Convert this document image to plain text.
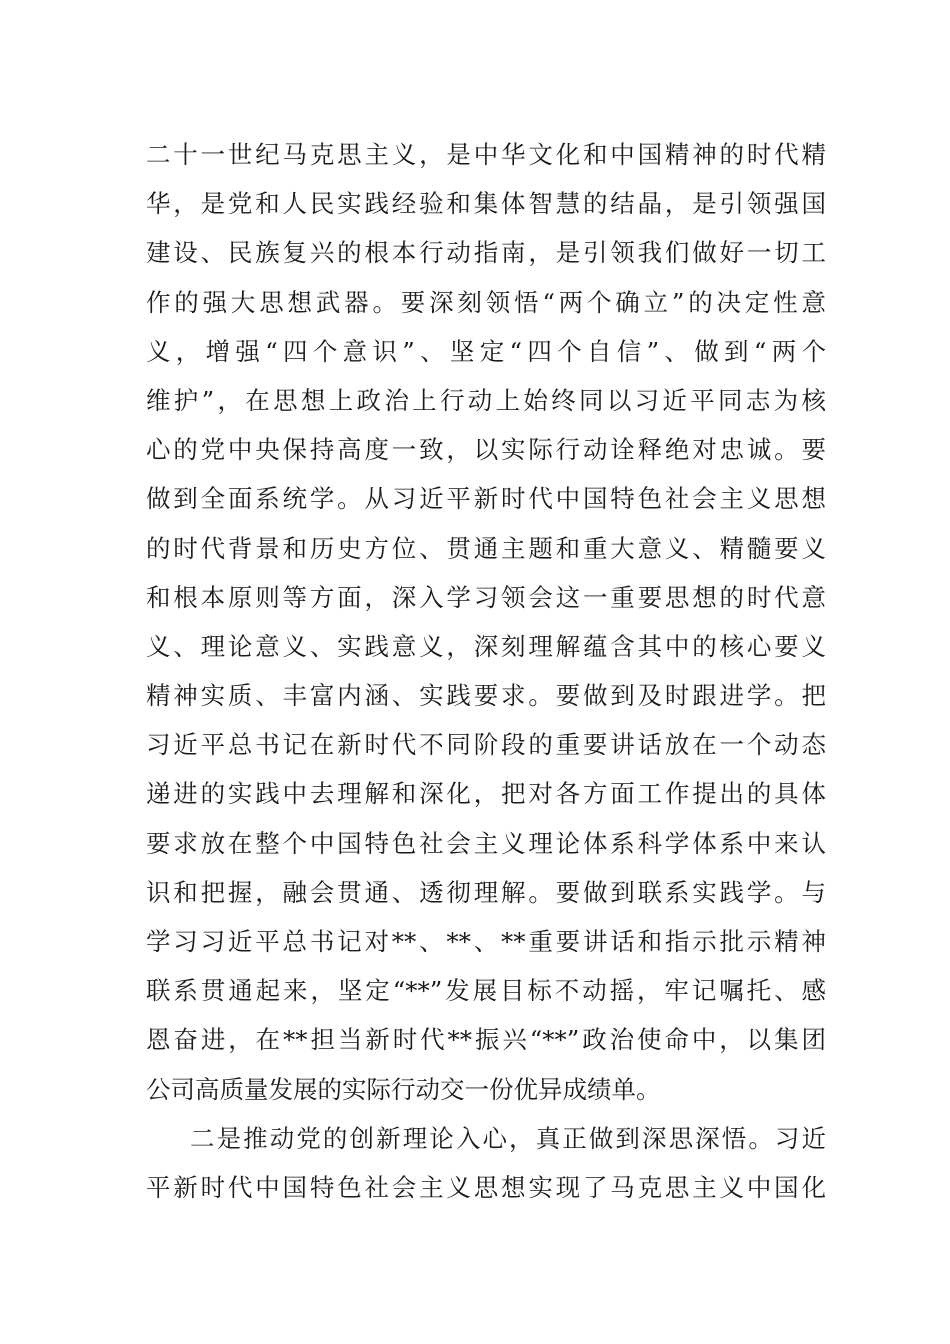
二十一世纪马克思主义，是中华文化和中国精神的时代精
华，是党和人民实践经验和集体智慧的结晶，是引领强国
建设、民族复兴的根本行动指南，是引领我们做好一切工
作的强大思想武器。要深刻领悟“两个确立”的决定性意
义，增强“四个意识”、坚定“四个自信”、做到“两个
维护”，在思想上政治上行动上始终同以习近平同志为核
心的党中央保持高度一致，以实际行动诠释绝对忠诚。要
做到全面系统学。从习近平新时代中国特色社会主义思想
的时代背景和历史方位、贯通主题和重大意义、精髓要义
和根本原则等方面，深入学习领会这一重要思想的时代意
义、理论意义、实践意义，深刻理解蕴含其中的核心要义
精神实质、丰富内涵、实践要求。要做到及时跟进学。把
习近平总书记在新时代不同阶段的重要讲话放在一个动态
递进的实践中去理解和深化，把对各方面工作提出的具体
要求放在整个中国特色社会主义理论体系科学体系中来认
识和把握，融会贯通、透彻理解。要做到联系实践学。与
学习习近平总书记对**、**、**重要讲话和指示批示精神
联系贯通起来，坚定“**”发展目标不动摇，牢记嘱托、感
恩奋进，在**担当新时代**振兴“**”政治使命中，以集团
公司高质量发展的实际行动交一份优异成绩单。
二是推动党的创新理论入心，真正做到深思深悟。习近
平新时代中国特色社会主义思想实现了马克思主义中国化
